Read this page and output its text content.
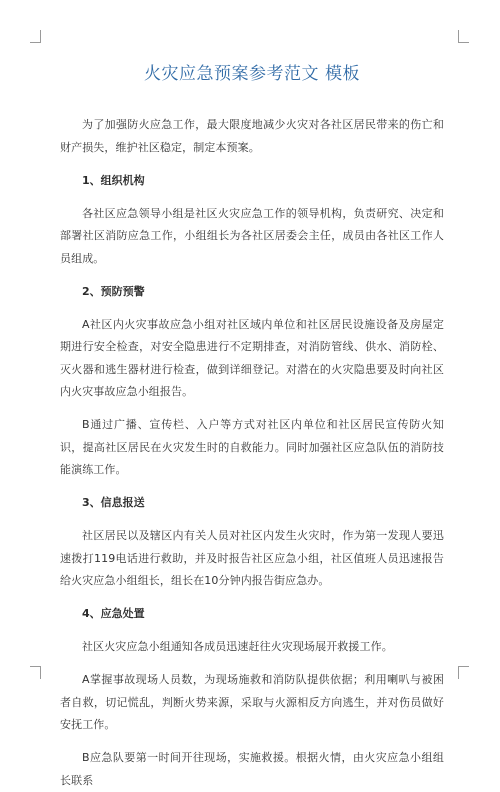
火灾应急预案参考范文 模板

为了加强防火应急工作，最大限度地减少火灾对各社区居民带来的伤亡和财产损失，维护社区稳定，制定本预案。

1、组织机构

各社区应急领导小组是社区火灾应急工作的领导机构，负责研究、决定和部署社区消防应急工作，小组组长为各社区居委会主任，成员由各社区工作人员组成。

2、预防预警

A社区内火灾事故应急小组对社区域内单位和社区居民设施设备及房屋定期进行安全检查，对安全隐患进行不定期排查，对消防管线、供水、消防栓、灭火器和逃生器材进行检查，做到详细登记。对潜在的火灾隐患要及时向社区内火灾事故应急小组报告。

B通过广播、宣传栏、入户等方式对社区内单位和社区居民宣传防火知识，提高社区居民在火灾发生时的自救能力。同时加强社区应急队伍的消防技能演练工作。

3、信息报送

社区居民以及辖区内有关人员对社区内发生火灾时，作为第一发现人要迅速拨打119电话进行救助，并及时报告社区应急小组，社区值班人员迅速报告给火灾应急小组组长，组长在10分钟内报告街应急办。

4、应急处置

社区火灾应急小组通知各成员迅速赶往火灾现场展开救援工作。

A掌握事故现场人员数，为现场施救和消防队提供依据；利用喇叭与被困者自救，切记慌乱，判断火势来源，采取与火源相反方向逃生，并对伤员做好安抚工作。

B应急队要第一时间开往现场，实施救援。根据火情，由火灾应急小组组长联系
